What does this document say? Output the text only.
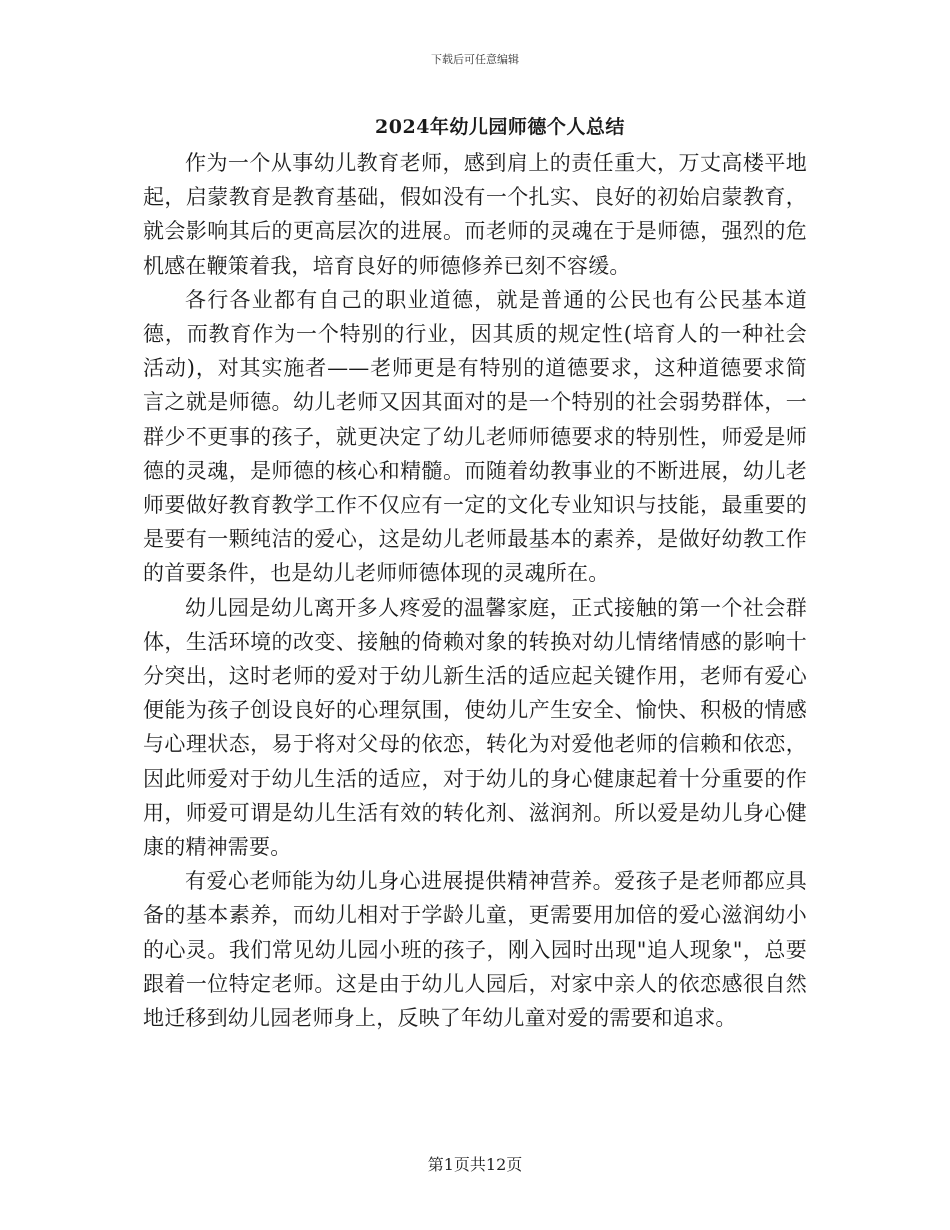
下载后可任意编辑
2024年幼儿园师德个人总结

作为一个从事幼儿教育老师，感到肩上的责任重大，万丈高楼平地起，启蒙教育是教育基础，假如没有一个扎实、良好的初始启蒙教育，就会影响其后的更高层次的进展。而老师的灵魂在于是师德，强烈的危机感在鞭策着我，培育良好的师德修养已刻不容缓。

各行各业都有自己的职业道德，就是普通的公民也有公民基本道德，而教育作为一个特别的行业，因其质的规定性(培育人的一种社会活动)，对其实施者——老师更是有特别的道德要求，这种道德要求简言之就是师德。幼儿老师又因其面对的是一个特别的社会弱势群体，一群少不更事的孩子，就更决定了幼儿老师师德要求的特别性，师爱是师德的灵魂，是师德的核心和精髓。而随着幼教事业的不断进展，幼儿老师要做好教育教学工作不仅应有一定的文化专业知识与技能，最重要的是要有一颗纯洁的爱心，这是幼儿老师最基本的素养，是做好幼教工作的首要条件，也是幼儿老师师德体现的灵魂所在。

幼儿园是幼儿离开多人疼爱的温馨家庭，正式接触的第一个社会群体，生活环境的改变、接触的倚赖对象的转换对幼儿情绪情感的影响十分突出，这时老师的爱对于幼儿新生活的适应起关键作用，老师有爱心便能为孩子创设良好的心理氛围，使幼儿产生安全、愉快、积极的情感与心理状态，易于将对父母的依恋，转化为对爱他老师的信赖和依恋，因此师爱对于幼儿生活的适应，对于幼儿的身心健康起着十分重要的作用，师爱可谓是幼儿生活有效的转化剂、滋润剂。所以爱是幼儿身心健康的精神需要。

有爱心老师能为幼儿身心进展提供精神营养。爱孩子是老师都应具备的基本素养，而幼儿相对于学龄儿童，更需要用加倍的爱心滋润幼小的心灵。我们常见幼儿园小班的孩子，刚入园时出现"追人现象"，总要跟着一位特定老师。这是由于幼儿人园后，对家中亲人的依恋感很自然地迁移到幼儿园老师身上，反映了年幼儿童对爱的需要和追求。

第1页共12页
